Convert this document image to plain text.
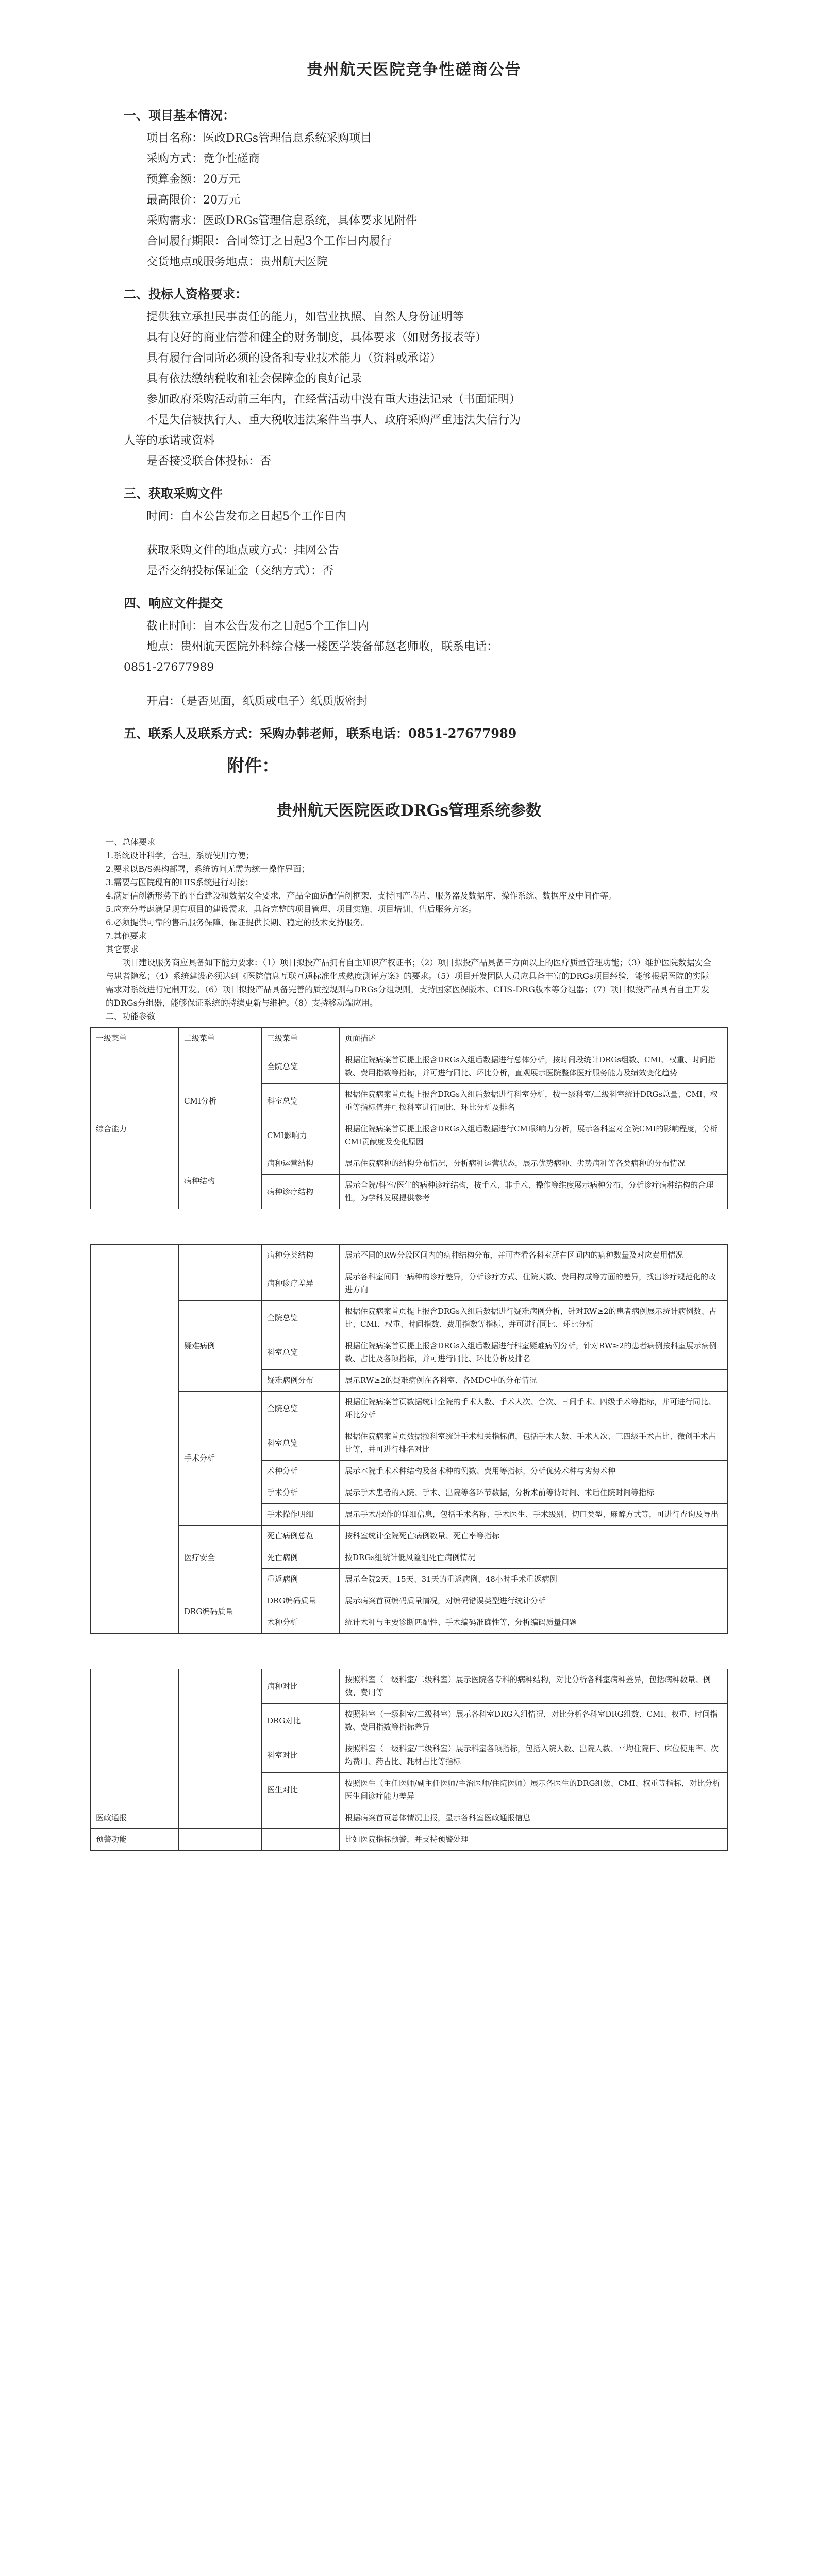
贵州航天医院竞争性磋商公告
一、项目基本情况：

项目名称：医政DRGs管理信息系统采购项目

采购方式：竞争性磋商

预算金额：20万元

最高限价：20万元

采购需求：医政DRGs管理信息系统，具体要求见附件

合同履行期限：合同签订之日起3个工作日内履行

交货地点或服务地点：贵州航天医院

二、投标人资格要求：

提供独立承担民事责任的能力，如营业执照、自然人身份证明等

具有良好的商业信誉和健全的财务制度，具体要求（如财务报表等）

具有履行合同所必须的设备和专业技术能力（资料或承诺）

具有依法缴纳税收和社会保障金的良好记录

参加政府采购活动前三年内，在经营活动中没有重大违法记录（书面证明）

不是失信被执行人、重大税收违法案件当事人、政府采购严重违法失信行为

人等的承诺或资料

是否接受联合体投标：否

三、获取采购文件

时间：自本公告发布之日起5个工作日内

获取采购文件的地点或方式：挂网公告

是否交纳投标保证金（交纳方式）：否

四、响应文件提交

截止时间：自本公告发布之日起5个工作日内

地点：贵州航天医院外科综合楼一楼医学装备部赵老师收，联系电话：

0851-27677989

开启：（是否见面，纸质或电子）纸质版密封

五、联系人及联系方式：采购办韩老师，联系电话：0851-27677989
附件：
贵州航天医院医政DRGs管理系统参数

一、总体要求

1.系统设计科学，合理，系统使用方便；

2.要求以B/S架构部署，系统访问无需为统一操作界面；

3.需要与医院现有的HIS系统进行对接；

4.满足信创新形势下的平台建设和数据安全要求，产品全面适配信创框架，支持国产芯片、服务器及数据库、操作系统、数据库及中间件等。

5.应充分考虑满足现有项目的建设需求，具备完整的项目管理、项目实施、项目培训、售后服务方案。

6.必须提供可靠的售后服务保障，保证提供长期、稳定的技术支持服务。

7.其他要求

其它要求

项目建设服务商应具备如下能力要求：（1）项目拟投产品拥有自主知识产权证书；（2）项目拟投产品具备三方面以上的医疗质量管理功能；（3）维护医院数据安全与患者隐私；（4）系统建设必须达到《医院信息互联互通标准化成熟度测评方案》的要求。（5）项目开发团队人员应具备丰富的DRGs项目经验，能够根据医院的实际需求对系统进行定制开发。（6）项目拟投产品具备完善的质控规则与DRGs分组规则，支持国家医保版本、CHS-DRG版本等分组器；（7）项目拟投产品具有自主开发的DRGs分组器，能够保证系统的持续更新与维护。（8）支持移动端应用。

二、功能参数

一级菜单	二级菜单	三级菜单	页面描述
综合能力	CMI分析	全院总览	根据住院病案首页提上报含DRGs入组后数据进行总体分析，按时间段统计DRGs组数、CMI、权重、时间指数、费用指数等指标，并可进行同比、环比分析，直观展示医院整体医疗服务能力及绩效变化趋势
		科室总览	根据住院病案首页提上报含DRGs入组后数据进行科室分析，按一级科室/二级科室统计DRGs总量、CMI、权重等指标值并可按科室进行同比、环比分析及排名
		CMI影响力	根据住院病案首页提上报含DRGs入组后数据进行CMI影响力分析，展示各科室对全院CMI的影响程度，分析CMI贡献度及变化原因
	病种结构	病种运营结构	展示住院病种的结构分布情况，分析病种运营状态，展示优势病种、劣势病种等各类病种的分布情况
		病种诊疗结构	展示全院/科室/医生的病种诊疗结构，按手术、非手术、操作等维度展示病种分布，分析诊疗病种结构的合理性，为学科发展提供参考
		病种分类结构	展示不同的RW分段区间内的病种结构分布，并可查看各科室所在区间内的病种数量及对应费用情况
		病种诊疗差异	展示各科室间同一病种的诊疗差异，分析诊疗方式、住院天数、费用构成等方面的差异，找出诊疗规范化的改进方向
	疑难病例	全院总览	根据住院病案首页提上报含DRGs入组后数据进行疑难病例分析，针对RW≥2的患者病例展示统计病例数、占比、CMI、权重、时间指数、费用指数等指标，并可进行同比、环比分析
		科室总览	根据住院病案首页提上报含DRGs入组后数据进行科室疑难病例分析，针对RW≥2的患者病例按科室展示病例数、占比及各项指标，并可进行同比、环比分析及排名
		疑难病例分布	展示RW≥2的疑难病例在各科室、各MDC中的分布情况
	手术分析	全院总览	根据住院病案首页数据统计全院的手术人数、手术人次、台次、日间手术、四级手术等指标，并可进行同比、环比分析
		科室总览	根据住院病案首页数据按科室统计手术相关指标值，包括手术人数、手术人次、三四级手术占比、微创手术占比等，并可进行排名对比
		术种分析	展示本院手术术种结构及各术种的例数、费用等指标，分析优势术种与劣势术种
		手术分析	展示手术患者的入院、手术、出院等各环节数据，分析术前等待时间、术后住院时间等指标
		手术操作明细	展示手术/操作的详细信息，包括手术名称、手术医生、手术级别、切口类型、麻醉方式等，可进行查询及导出
	医疗安全	死亡病例总览	按科室统计全院死亡病例数量、死亡率等指标
		死亡病例	按DRGs组统计低风险组死亡病例情况
		重返病例	展示全院2天、15天、31天的重返病例、48小时手术重返病例
	DRG编码质量	DRG编码质量	展示病案首页编码质量情况，对编码错误类型进行统计分析
		术种分析	统计术种与主要诊断匹配性、手术编码准确性等，分析编码质量问题
		病种对比	按照科室（一级科室/二级科室）展示医院各专科的病种结构，对比分析各科室病种差异，包括病种数量、例数、费用等
		DRG对比	按照科室（一级科室/二级科室）展示各科室DRG入组情况，对比分析各科室DRG组数、CMI、权重、时间指数、费用指数等指标差异
		科室对比	按照科室（一级科室/二级科室）展示科室各项指标，包括入院人数、出院人数、平均住院日、床位使用率、次均费用、药占比、耗材占比等指标
		医生对比	按照医生（主任医师/副主任医师/主治医师/住院医师）展示各医生的DRG组数、CMI、权重等指标，对比分析医生间诊疗能力差异
医政通报			根据病案首页总体情况上报，显示各科室医政通报信息
预警功能			比如医院指标预警，并支持预警处理
